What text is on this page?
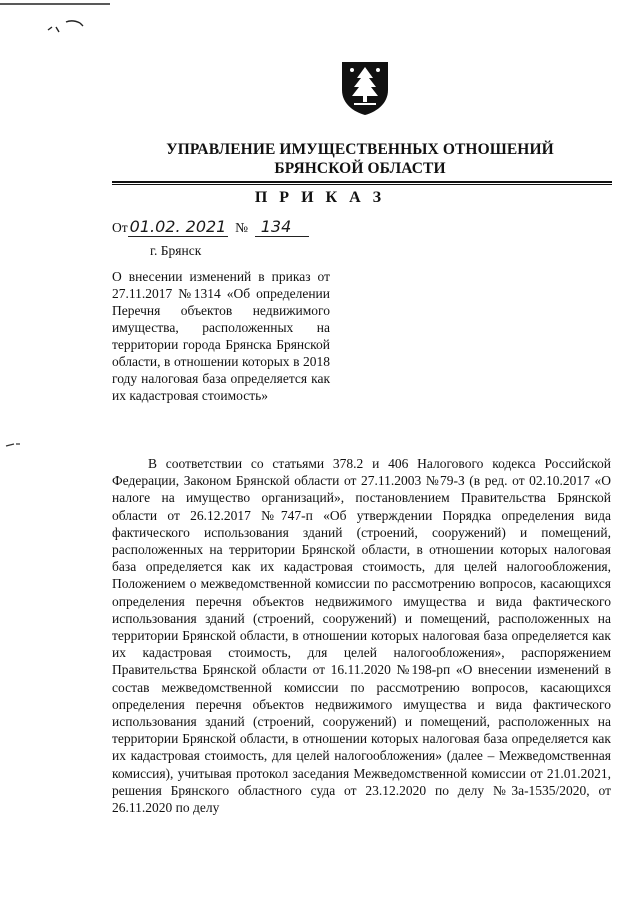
УПРАВЛЕНИЕ ИМУЩЕСТВЕННЫХ ОТНОШЕНИЙ
БРЯНСКОЙ ОБЛАСТИ
П Р И К А З
От 01.02. 2021 № 134
г. Брянск
О внесении изменений в приказ от 27.11.2017 №1314 «Об определении Перечня объектов недвижимого имущества, расположенных на территории города Брянска Брянской области, в отношении которых в 2018 году налоговая база определяется как их кадастровая стоимость»
В соответствии со статьями 378.2 и 406 Налогового кодекса Российской Федерации, Законом Брянской области от 27.11.2003 №79-З (в ред. от 02.10.2017 «О налоге на имущество организаций», постановлением Правительства Брянской области от 26.12.2017 №747-п «Об утверждении Порядка определения вида фактического использования зданий (строений, сооружений) и помещений, расположенных на территории Брянской области, в отношении которых налоговая база определяется как их кадастровая стоимость, для целей налогообложения, Положением о межведомственной комиссии по рассмотрению вопросов, касающихся определения перечня объектов недвижимого имущества и вида фактического использования зданий (строений, сооружений) и помещений, расположенных на территории Брянской области, в отношении которых налоговая база определяется как их кадастровая стоимость, для целей налогообложения», распоряжением Правительства Брянской области от 16.11.2020 №198-рп «О внесении изменений в состав межведомственной комиссии по рассмотрению вопросов, касающихся определения перечня объектов недвижимого имущества и вида фактического использования зданий (строений, сооружений) и помещений, расположенных на территории Брянской области, в отношении которых налоговая база определяется как их кадастровая стоимость, для целей налогообложения» (далее – Межведомственная комиссия), учитывая протокол заседания Межведомственной комиссии от 21.01.2021, решения Брянского областного суда от 23.12.2020 по делу №3а-1535/2020, от 26.11.2020 по делу
